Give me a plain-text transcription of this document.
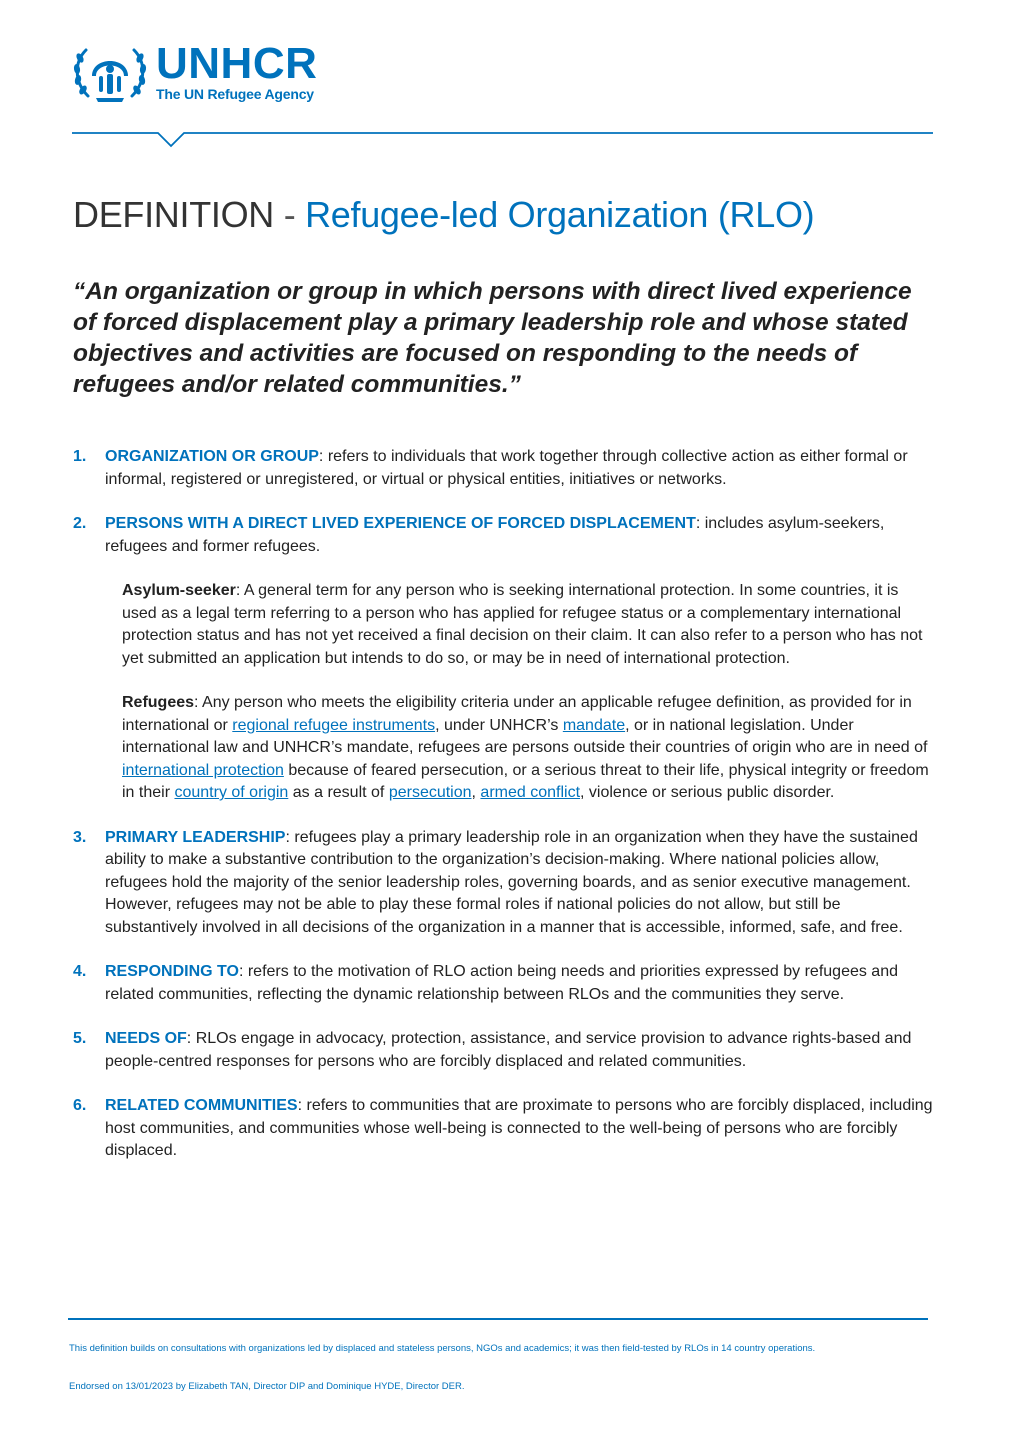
UNHCR
The UN Refugee Agency
DEFINITION - Refugee-led Organization (RLO)

“An organization or group in which persons with direct lived experience of forced displacement play a primary leadership role and whose stated objectives and activities are focused on responding to the needs of refugees and/or related communities.”

1. ORGANIZATION OR GROUP: refers to individuals that work together through collective action as either formal or informal, registered or unregistered, or virtual or physical entities, initiatives or networks.
2. PERSONS WITH A DIRECT LIVED EXPERIENCE OF FORCED DISPLACEMENT: includes asylum-seekers, refugees and former refugees.

Asylum-seeker: A general term for any person who is seeking international protection. In some countries, it is used as a legal term referring to a person who has applied for refugee status or a complementary international protection status and has not yet received a final decision on their claim. It can also refer to a person who has not yet submitted an application but intends to do so, or may be in need of international protection.

Refugees: Any person who meets the eligibility criteria under an applicable refugee definition, as provided for in international or regional refugee instruments, under UNHCR’s mandate, or in national legislation. Under international law and UNHCR’s mandate, refugees are persons outside their countries of origin who are in need of international protection because of feared persecution, or a serious threat to their life, physical integrity or freedom in their country of origin as a result of persecution, armed conflict, violence or serious public disorder.

3. PRIMARY LEADERSHIP: refugees play a primary leadership role in an organization when they have the sustained ability to make a substantive contribution to the organization’s decision-making. Where national policies allow, refugees hold the majority of the senior leadership roles, governing boards, and as senior executive management. However, refugees may not be able to play these formal roles if national policies do not allow, but still be substantively involved in all decisions of the organization in a manner that is accessible, informed, safe, and free.
4. RESPONDING TO: refers to the motivation of RLO action being needs and priorities expressed by refugees and related communities, reflecting the dynamic relationship between RLOs and the communities they serve.
5. NEEDS OF: RLOs engage in advocacy, protection, assistance, and service provision to advance rights-based and people-centred responses for persons who are forcibly displaced and related communities.
6. RELATED COMMUNITIES: refers to communities that are proximate to persons who are forcibly displaced, including host communities, and communities whose well-being is connected to the well-being of persons who are forcibly displaced.

This definition builds on consultations with organizations led by displaced and stateless persons, NGOs and academics; it was then field-tested by RLOs in 14 country operations.

Endorsed on 13/01/2023 by Elizabeth TAN, Director DIP and Dominique HYDE, Director DER.
